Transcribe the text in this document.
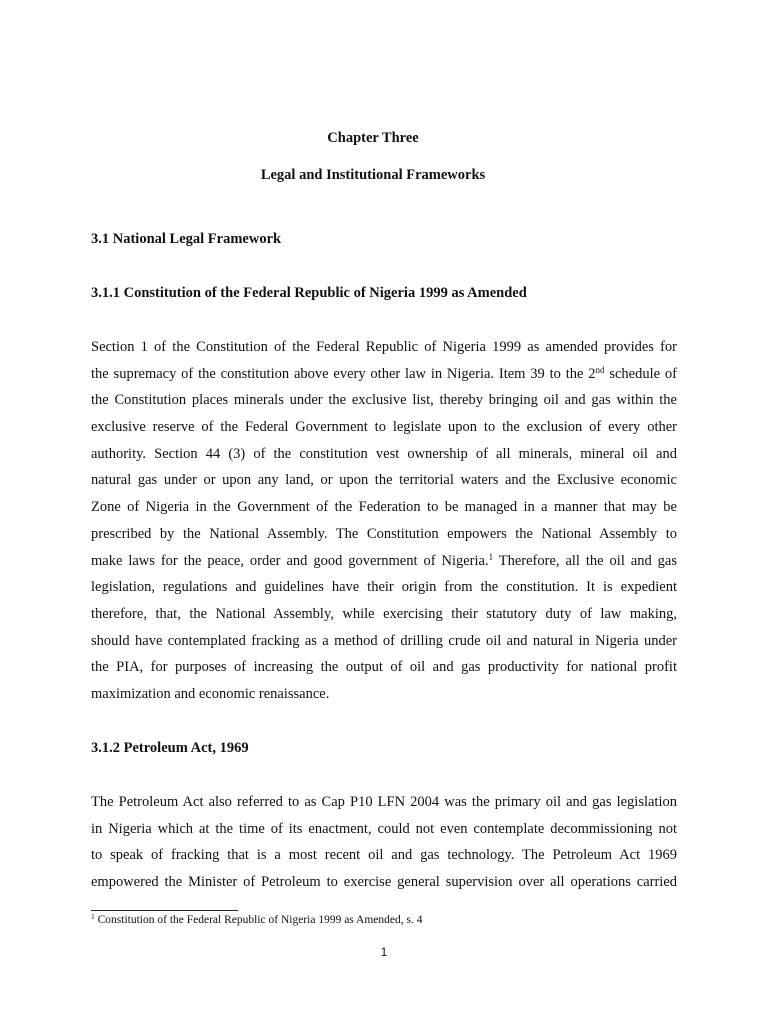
Chapter Three

Legal and Institutional Frameworks

3.1 National Legal Framework

3.1.1 Constitution of the Federal Republic of Nigeria 1999 as Amended

Section 1 of the Constitution of the Federal Republic of Nigeria 1999 as amended provides for
the supremacy of the constitution above every other law in Nigeria. Item 39 to the 2nd schedule of
the Constitution places minerals under the exclusive list, thereby bringing oil and gas within the
exclusive reserve of the Federal Government to legislate upon to the exclusion of every other
authority. Section 44 (3) of the constitution vest ownership of all minerals, mineral oil and
natural gas under or upon any land, or upon the territorial waters and the Exclusive economic
Zone of Nigeria in the Government of the Federation to be managed in a manner that may be
prescribed by the National Assembly. The Constitution empowers the National Assembly to
make laws for the peace, order and good government of Nigeria.$^1$ Therefore, all the oil and gas
legislation, regulations and guidelines have their origin from the constitution. It is expedient
therefore, that, the National Assembly, while exercising their statutory duty of law making,
should have contemplated fracking as a method of drilling crude oil and natural in Nigeria under
the PIA, for purposes of increasing the output of oil and gas productivity for national profit
maximization and economic renaissance.

3.1.2 Petroleum Act, 1969

The Petroleum Act also referred to as Cap P10 LFN 2004 was the primary oil and gas legislation
in Nigeria which at the time of its enactment, could not even contemplate decommissioning not
to speak of fracking that is a most recent oil and gas technology. The Petroleum Act 1969
empowered the Minister of Petroleum to exercise general supervision over all operations carried

$^1$ Constitution of the Federal Republic of Nigeria 1999 as Amended, s. 4

1
